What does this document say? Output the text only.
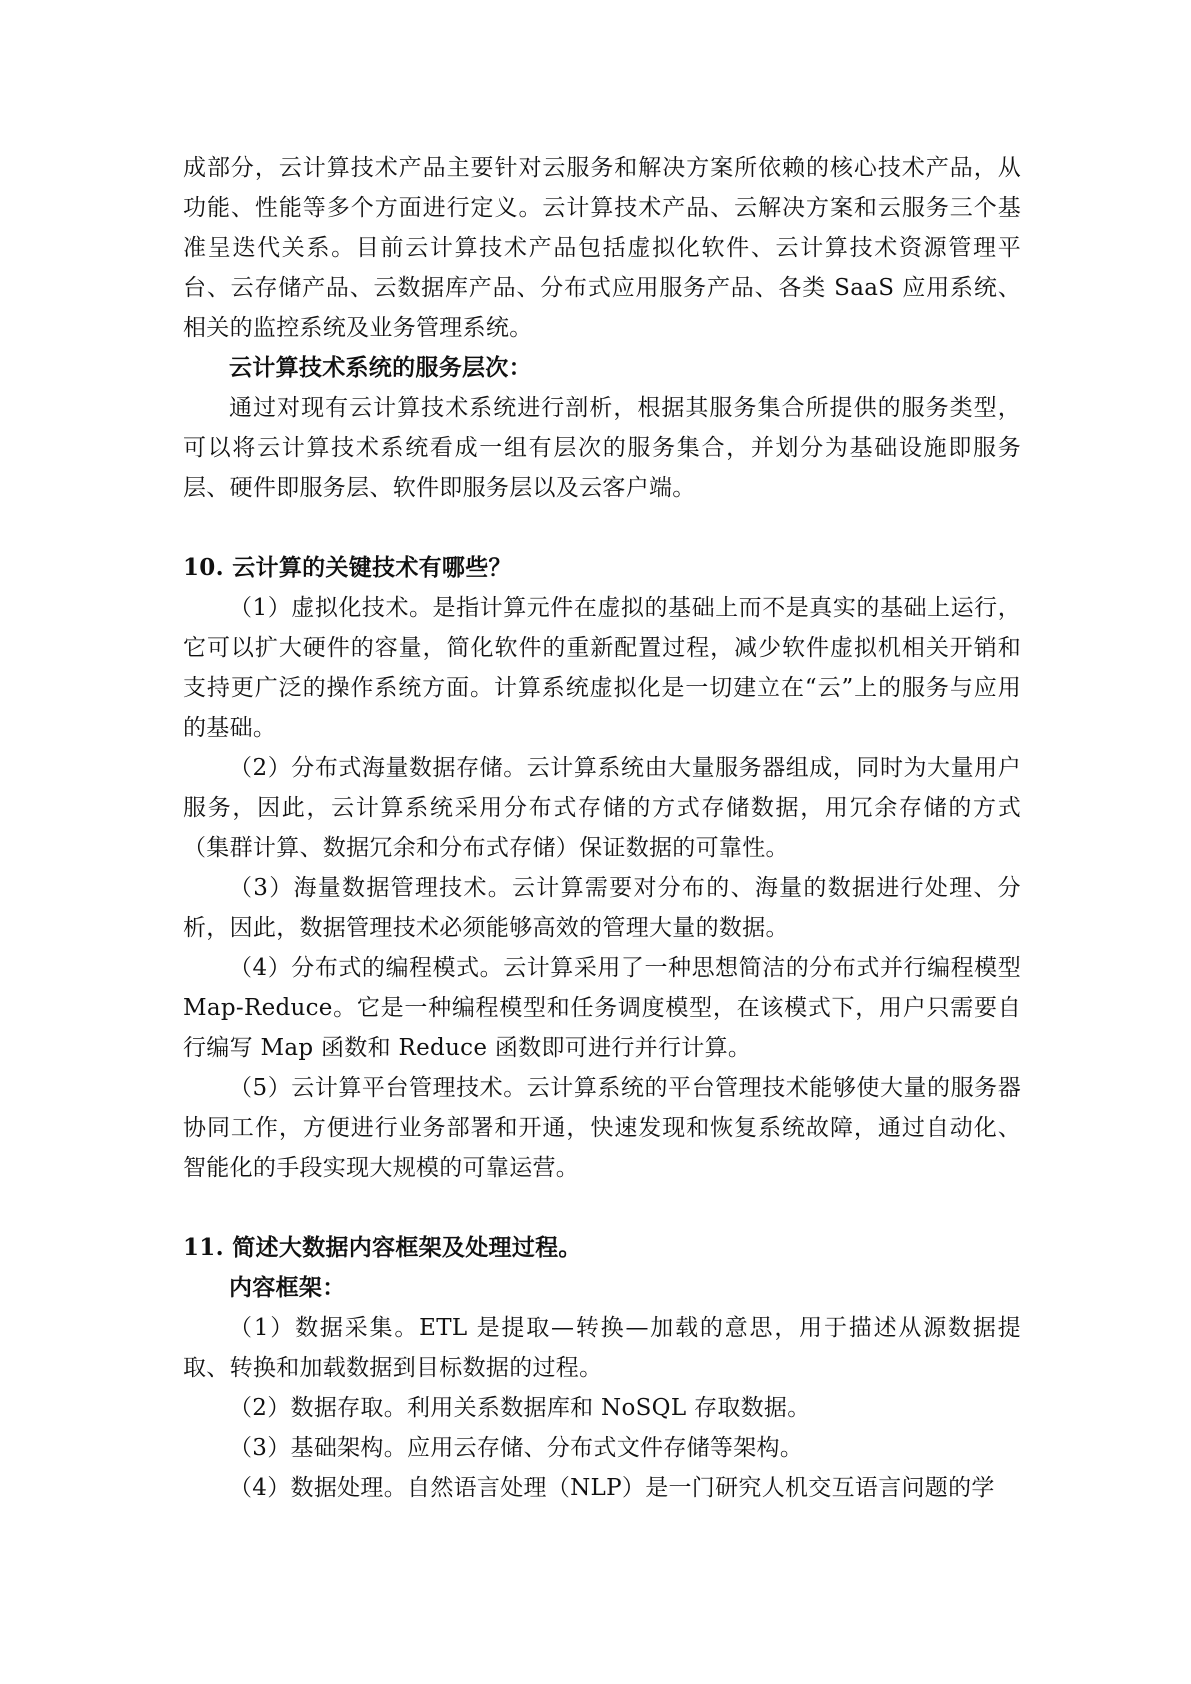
成部分，云计算技术产品主要针对云服务和解决方案所依赖的核心技术产品，从功能、性能等多个方面进行定义。云计算技术产品、云解决方案和云服务三个基准呈迭代关系。目前云计算技术产品包括虚拟化软件、云计算技术资源管理平台、云存储产品、云数据库产品、分布式应用服务产品、各类 SaaS 应用系统、相关的监控系统及业务管理系统。

云计算技术系统的服务层次：

通过对现有云计算技术系统进行剖析，根据其服务集合所提供的服务类型，可以将云计算技术系统看成一组有层次的服务集合，并划分为基础设施即服务层、硬件即服务层、软件即服务层以及云客户端。

10. 云计算的关键技术有哪些？

（1）虚拟化技术。是指计算元件在虚拟的基础上而不是真实的基础上运行，它可以扩大硬件的容量，简化软件的重新配置过程，减少软件虚拟机相关开销和支持更广泛的操作系统方面。计算系统虚拟化是一切建立在“云”上的服务与应用的基础。

（2）分布式海量数据存储。云计算系统由大量服务器组成，同时为大量用户服务，因此，云计算系统采用分布式存储的方式存储数据，用冗余存储的方式（集群计算、数据冗余和分布式存储）保证数据的可靠性。

（3）海量数据管理技术。云计算需要对分布的、海量的数据进行处理、分析，因此，数据管理技术必须能够高效的管理大量的数据。

（4）分布式的编程模式。云计算采用了一种思想简洁的分布式并行编程模型 Map-Reduce。它是一种编程模型和任务调度模型，在该模式下，用户只需要自行编写 Map 函数和 Reduce 函数即可进行并行计算。

（5）云计算平台管理技术。云计算系统的平台管理技术能够使大量的服务器协同工作，方便进行业务部署和开通，快速发现和恢复系统故障，通过自动化、智能化的手段实现大规模的可靠运营。

11. 简述大数据内容框架及处理过程。

内容框架：

（1）数据采集。ETL 是提取—转换—加载的意思，用于描述从源数据提取、转换和加载数据到目标数据的过程。

（2）数据存取。利用关系数据库和 NoSQL 存取数据。

（3）基础架构。应用云存储、分布式文件存储等架构。

（4）数据处理。自然语言处理（NLP）是一门研究人机交互语言问题的学
